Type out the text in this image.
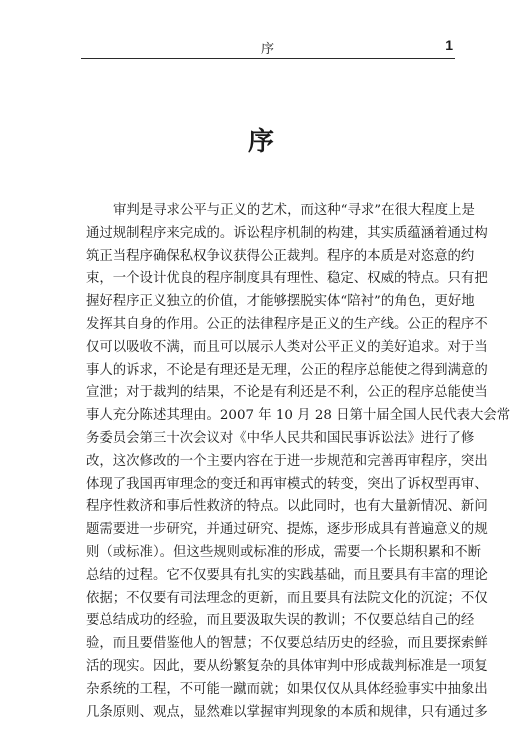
序	1
序
审判是寻求公平与正义的艺术，而这种“寻求”在很大程度上是
通过规制程序来完成的。诉讼程序机制的构建，其实质蕴涵着通过构
筑正当程序确保私权争议获得公正裁判。程序的本质是对恣意的约
束，一个设计优良的程序制度具有理性、稳定、权威的特点。只有把
握好程序正义独立的价值，才能够摆脱实体“陪衬”的角色，更好地
发挥其自身的作用。公正的法律程序是正义的生产线。公正的程序不
仅可以吸收不满，而且可以展示人类对公平正义的美好追求。对于当
事人的诉求，不论是有理还是无理，公正的程序总能使之得到满意的
宣泄；对于裁判的结果，不论是有利还是不利，公正的程序总能使当
事人充分陈述其理由。2007 年 10 月 28 日第十届全国人民代表大会常
务委员会第三十次会议对《中华人民共和国民事诉讼法》进行了修
改，这次修改的一个主要内容在于进一步规范和完善再审程序，突出
体现了我国再审理念的变迁和再审模式的转变，突出了诉权型再审、
程序性救济和事后性救济的特点。以此同时，也有大量新情况、新问
题需要进一步研究，并通过研究、提炼，逐步形成具有普遍意义的规
则（或标准）。但这些规则或标准的形成，需要一个长期积累和不断
总结的过程。它不仅要具有扎实的实践基础，而且要具有丰富的理论
依据；不仅要有司法理念的更新，而且要具有法院文化的沉淀；不仅
要总结成功的经验，而且要汲取失误的教训；不仅要总结自己的经
验，而且要借鉴他人的智慧；不仅要总结历史的经验，而且要探索鲜
活的现实。因此，要从纷繁复杂的具体审判中形成裁判标准是一项复
杂系统的工程，不可能一蹴而就；如果仅仅从具体经验事实中抽象出
几条原则、观点，显然难以掌握审判现象的本质和规律，只有通过多
